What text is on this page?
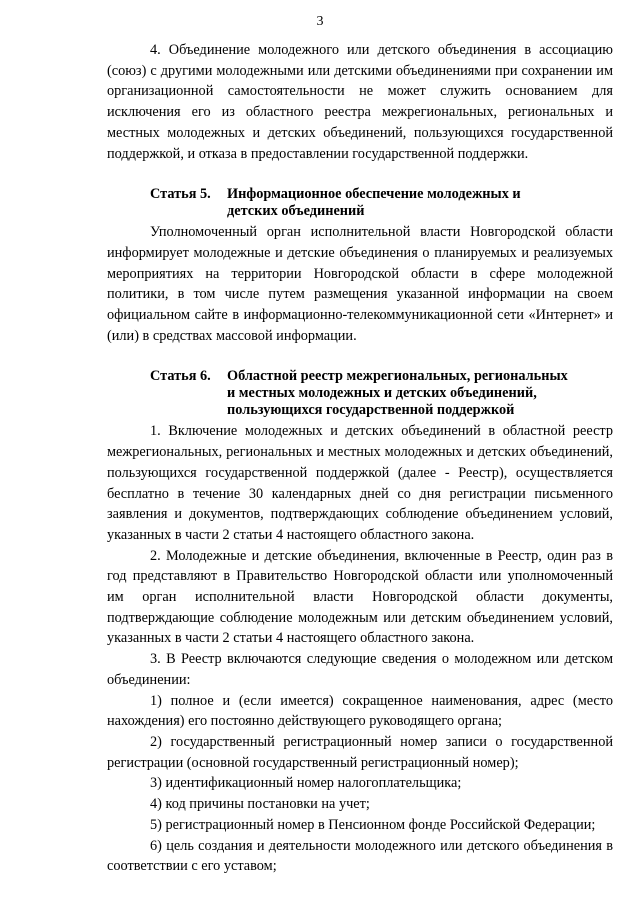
3

4. Объединение молодежного или детского объединения в ассоциацию (союз) с другими молодежными или детскими объединениями при сохранении им организационной самостоятельности не может служить основанием для исключения его из областного реестра межрегиональных, региональных и местных молодежных и детских объединений, пользующихся государственной поддержкой, и отказа в предоставлении государственной поддержки.

Статья 5.	Информационное обеспечение молодежных и
детских объединений

Уполномоченный орган исполнительной власти Новгородской области информирует молодежные и детские объединения о планируемых и реализуемых мероприятиях на территории Новгородской области в сфере молодежной политики, в том числе путем размещения указанной информации на своем официальном сайте в информационно-телекоммуникационной сети «Интернет» и (или) в средствах массовой информации.

Статья 6.	Областной реестр межрегиональных, региональных
и местных молодежных и детских объединений,
пользующихся государственной поддержкой

1. Включение молодежных и детских объединений в областной реестр межрегиональных, региональных и местных молодежных и детских объединений, пользующихся государственной поддержкой (далее - Реестр), осуществляется бесплатно в течение 30 календарных дней со дня регистрации письменного заявления и документов, подтверждающих соблюдение объединением условий, указанных в части 2 статьи 4 настоящего областного закона.

2. Молодежные и детские объединения, включенные в Реестр, один раз в год представляют в Правительство Новгородской области или уполномоченный им орган исполнительной власти Новгородской области документы, подтверждающие соблюдение молодежным или детским объединением условий, указанных в части 2 статьи 4 настоящего областного закона.

3. В Реестр включаются следующие сведения о молодежном или детском объединении:

1) полное и (если имеется) сокращенное наименования, адрес (место нахождения) его постоянно действующего руководящего органа;

2) государственный регистрационный номер записи о государственной регистрации (основной государственный регистрационный номер);

3) идентификационный номер налогоплательщика;

4) код причины постановки на учет;

5) регистрационный номер в Пенсионном фонде Российской Федерации;

6) цель создания и деятельности молодежного или детского объединения в соответствии с его уставом;
